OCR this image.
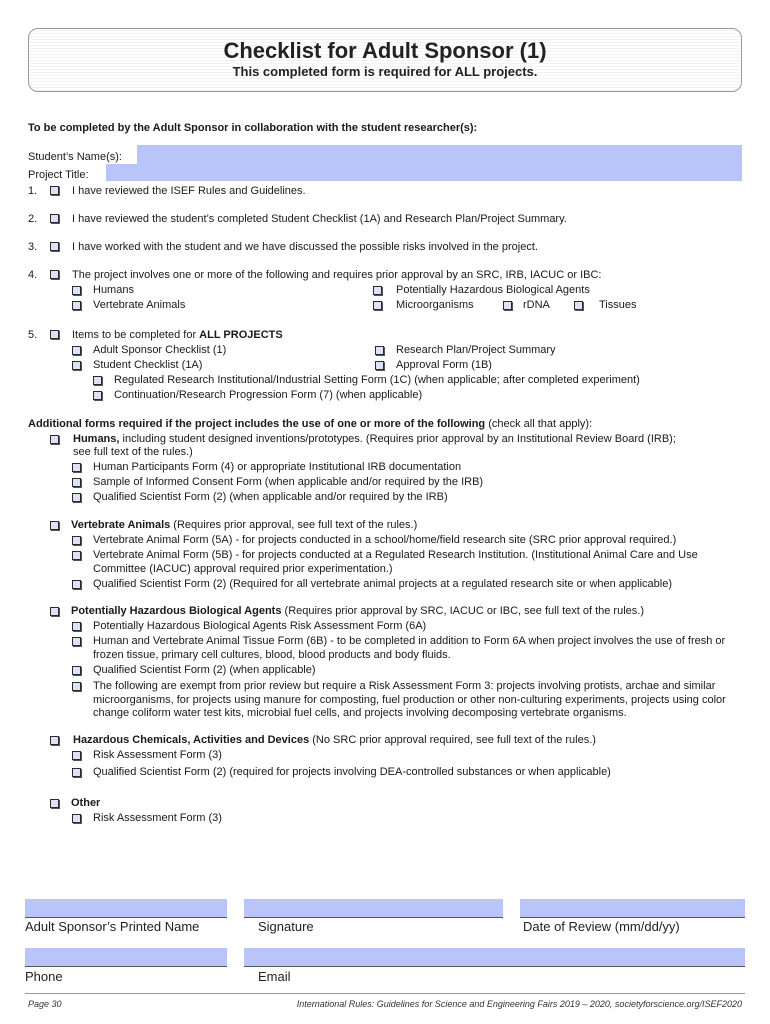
Checklist for Adult Sponsor (1)
This completed form is required for ALL projects.
To be completed by the Adult Sponsor in collaboration with the student researcher(s):
Student’s Name(s):
Project Title:
1.	I have reviewed the ISEF Rules and Guidelines.
2.	I have reviewed the student’s completed Student Checklist (1A) and Research Plan/Project Summary.
3.	I have worked with the student and we have discussed the possible risks involved in the project.
4.	The project involves one or more of the following and requires prior approval by an SRC, IRB, IACUC or IBC:
Humans
Vertebrate Animals
Potentially Hazardous Biological Agents
Microorganisms	rDNA	Tissues
5.	Items to be completed for ALL PROJECTS
Adult Sponsor Checklist (1)
Student Checklist (1A)
Research Plan/Project Summary
Approval Form (1B)
Regulated Research Institutional/Industrial Setting Form (1C) (when applicable; after completed experiment)
Continuation/Research Progression Form (7) (when applicable)
Additional forms required if the project includes the use of one or more of the following (check all that apply):
Humans, including student designed inventions/prototypes. (Requires prior approval by an Institutional Review Board (IRB);
see full text of the rules.)
Human Participants Form (4) or appropriate Institutional IRB documentation
Sample of Informed Consent Form (when applicable and/or required by the IRB)
Qualified Scientist Form (2) (when applicable and/or required by the IRB)
Vertebrate Animals (Requires prior approval, see full text of the rules.)
Vertebrate Animal Form (5A) - for projects conducted in a school/home/field research site (SRC prior approval required.)
Vertebrate Animal Form (5B) - for projects conducted at a Regulated Research Institution. (Institutional Animal Care and Use
Committee (IACUC) approval required prior experimentation.)
Qualified Scientist Form (2) (Required for all vertebrate animal projects at a regulated research site or when applicable)
Potentially Hazardous Biological Agents (Requires prior approval by SRC, IACUC or IBC, see full text of the rules.)
Potentially Hazardous Biological Agents Risk Assessment Form (6A)
Human and Vertebrate Animal Tissue Form (6B) - to be completed in addition to Form 6A when project involves the use of fresh or
frozen tissue, primary cell cultures, blood, blood products and body fluids.
Qualified Scientist Form (2) (when applicable)
The following are exempt from prior review but require a Risk Assessment Form 3: projects involving protists, archae and similar
microorganisms, for projects using manure for composting, fuel production or other non-culturing experiments, projects using color
change coliform water test kits, microbial fuel cells, and projects involving decomposing vertebrate organisms.
Hazardous Chemicals, Activities and Devices (No SRC prior approval required, see full text of the rules.)
Risk Assessment Form (3)
Qualified Scientist Form (2) (required for projects involving DEA-controlled substances or when applicable)
Other
Risk Assessment Form (3)
Adult Sponsor’s Printed Name	Signature	Date of Review (mm/dd/yy)
Phone	Email
Page 30	International Rules: Guidelines for Science and Engineering Fairs 2019 – 2020, societyforscience.org/ISEF2020
